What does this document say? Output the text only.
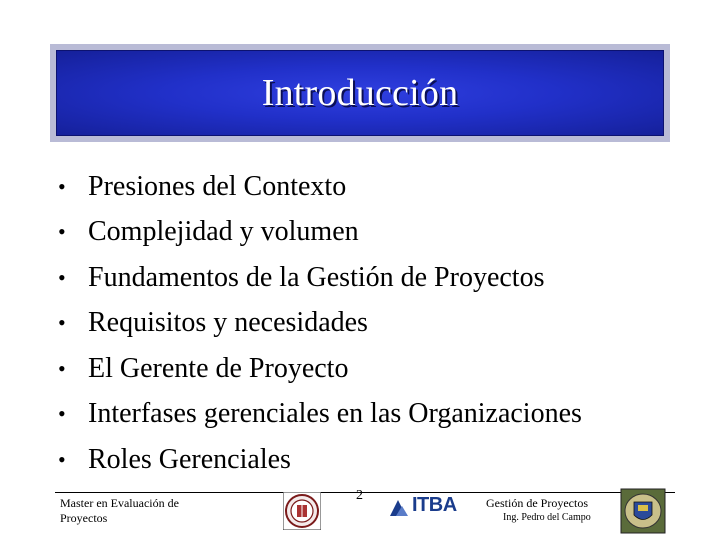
Introducción
• Presiones del Contexto
• Complejidad y volumen
• Fundamentos de la Gestión de Proyectos
• Requisitos y necesidades
• El Gerente de Proyecto
• Interfases gerenciales en las Organizaciones
• Roles Gerenciales
Master en Evaluación de
Proyectos
2 ITBA Gestión de Proyectos
Ing. Pedro del Campo
